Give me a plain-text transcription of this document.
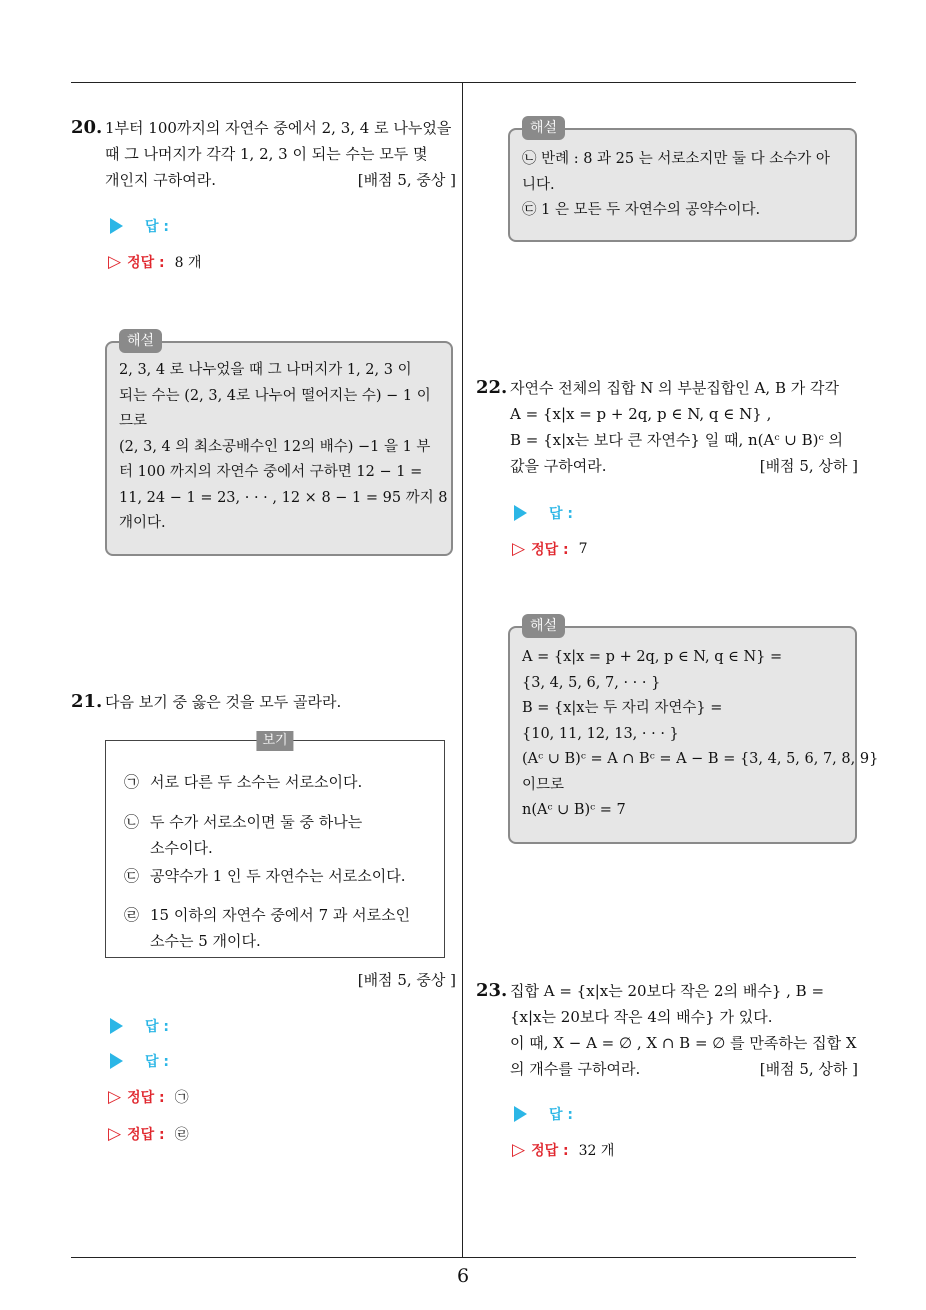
6
20. 1부터 100까지의 자연수 중에서 2, 3, 4 로 나누었을
때 그 나머지가 각각 1, 2, 3 이 되는 수는 모두 몇
개인지 구하여라.	[배점 5, 중상 ]
답 :
▷ 정답 : 8 개
해설
2, 3, 4 로 나누었을 때 그 나머지가 1, 2, 3 이
되는 수는 (2, 3, 4로 나누어 떨어지는 수) − 1 이
므로
(2, 3, 4 의 최소공배수인 12의 배수) −1 을 1 부
터 100 까지의 자연수 중에서 구하면 12 − 1 =
11, 24 − 1 = 23, · · · , 12 × 8 − 1 = 95 까지 8
개이다.
21. 다음 보기 중 옳은 것을 모두 골라라.
보기
㉠ 서로 다른 두 소수는 서로소이다.
㉡ 두 수가 서로소이면 둘 중 하나는
소수이다.
㉢ 공약수가 1 인 두 자연수는 서로소이다.
㉣ 15 이하의 자연수 중에서 7 과 서로소인
소수는 5 개이다.
[배점 5, 중상 ]
답 :
답 :
▷ 정답 : ㉠
▷ 정답 : ㉣
해설
㉡ 반례 : 8 과 25 는 서로소지만 둘 다 소수가 아
니다.
㉢ 1 은 모든 두 자연수의 공약수이다.
22. 자연수 전체의 집합 N 의 부분집합인 A, B 가 각각
A = {x|x = p + 2q, p ∈ N, q ∈ N} ,
B = {x|x는 보다 큰 자연수} 일 때, n(Aᶜ ∪ B)ᶜ 의
값을 구하여라.	[배점 5, 상하 ]
답 :
▷ 정답 : 7
해설
A = {x|x = p + 2q, p ∈ N, q ∈ N} =
{3, 4, 5, 6, 7, · · · }
B = {x|x는 두 자리 자연수} =
{10, 11, 12, 13, · · · }
(Aᶜ ∪ B)ᶜ = A ∩ Bᶜ = A − B = {3, 4, 5, 6, 7, 8, 9}
이므로
n(Aᶜ ∪ B)ᶜ = 7
23. 집합 A = {x|x는 20보다 작은 2의 배수} , B =
{x|x는 20보다 작은 4의 배수} 가 있다.
이 때, X − A = ∅ , X ∩ B = ∅ 를 만족하는 집합 X
의 개수를 구하여라.	[배점 5, 상하 ]
답 :
▷ 정답 : 32 개
